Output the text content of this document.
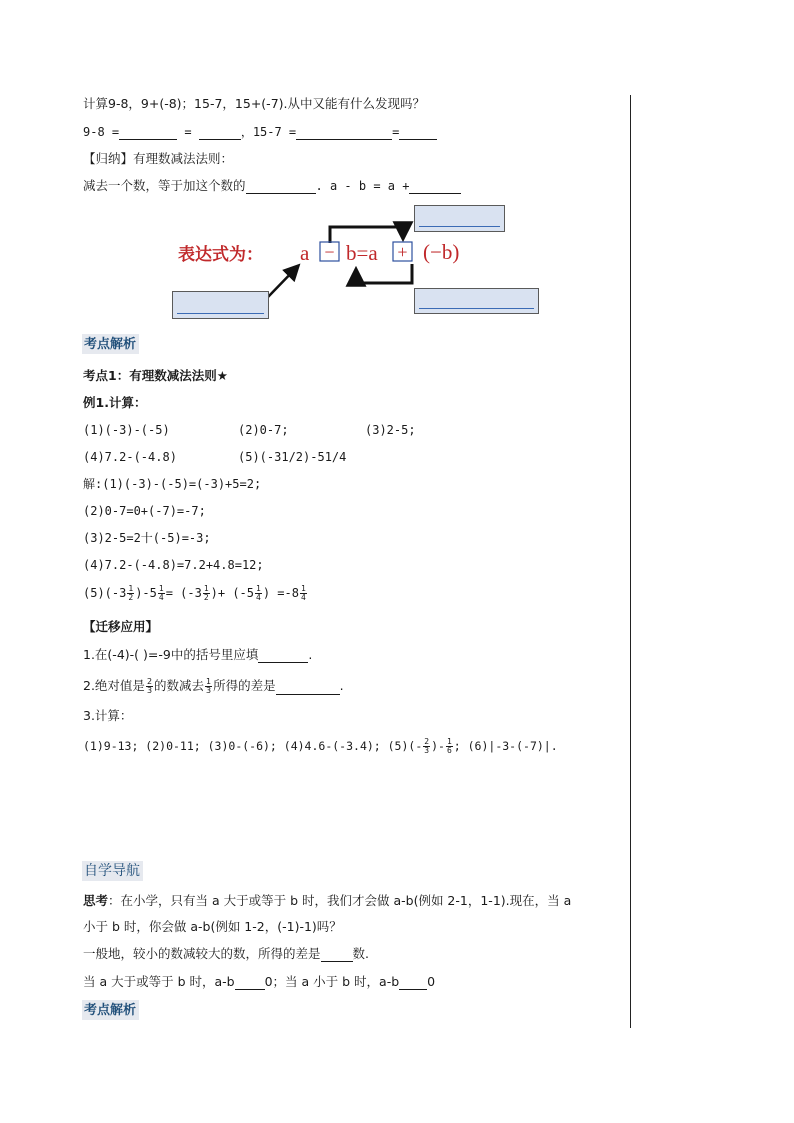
计算9-8，9+(-8)；15-7，15+(-7).从中又能有什么发现吗？
9-8 =	=	，15-7 =	=
【归纳】有理数减法法则：
减去一个数，等于加这个数的	. a - b = a +
表达式为： a − b=a + (−b)
考点解析
考点1：有理数减法法则★
例1.计算：
(1)(-3)-(-5)	(2)0-7;	(3)2-5;
(4)7.2-(-4.8)	(5)(-31/2)-51/4
解:(1)(-3)-(-5)=(-3)+5=2;
(2)0-7=0+(-7)=-7;
(3)2-5=2十(-5)=-3;
(4)7.2-(-4.8)=7.2+4.8=12;
$(5)(-3 \frac{1}{2} )-5 \frac{1}{4} = (-3 \frac{1}{2}$ )+ ($-5 \frac{1}{4}$ ) $=-8 \frac{1}{4}$
【迁移应用】
1.在(-4)-( )=-9中的括号里应填	.
2.绝对值是 $\frac{2}{3}$ 的数减去 $\frac{1}{3}$ 所得的差是	.
3.计算：
(1)9-13; (2)0-11; (3)0-(-6); (4)4.6-(-3.4); $(5)(- \frac{2}{3}$ )- $\frac{1}{6}$ ; (6)|-3-(-7)|.
自学导航
思考：在小学，只有当 a 大于或等于 b 时，我们才会做 a-b(例如 2-1，1-1).现在，当 a
小于 b 时，你会做 a-b(例如 1-2，(-1)-1)吗？
一般地，较小的数减较大的数，所得的差是	数.
当 a 大于或等于 b 时，a-b 0；当 a 小于 b 时，a-b 0
考点解析
